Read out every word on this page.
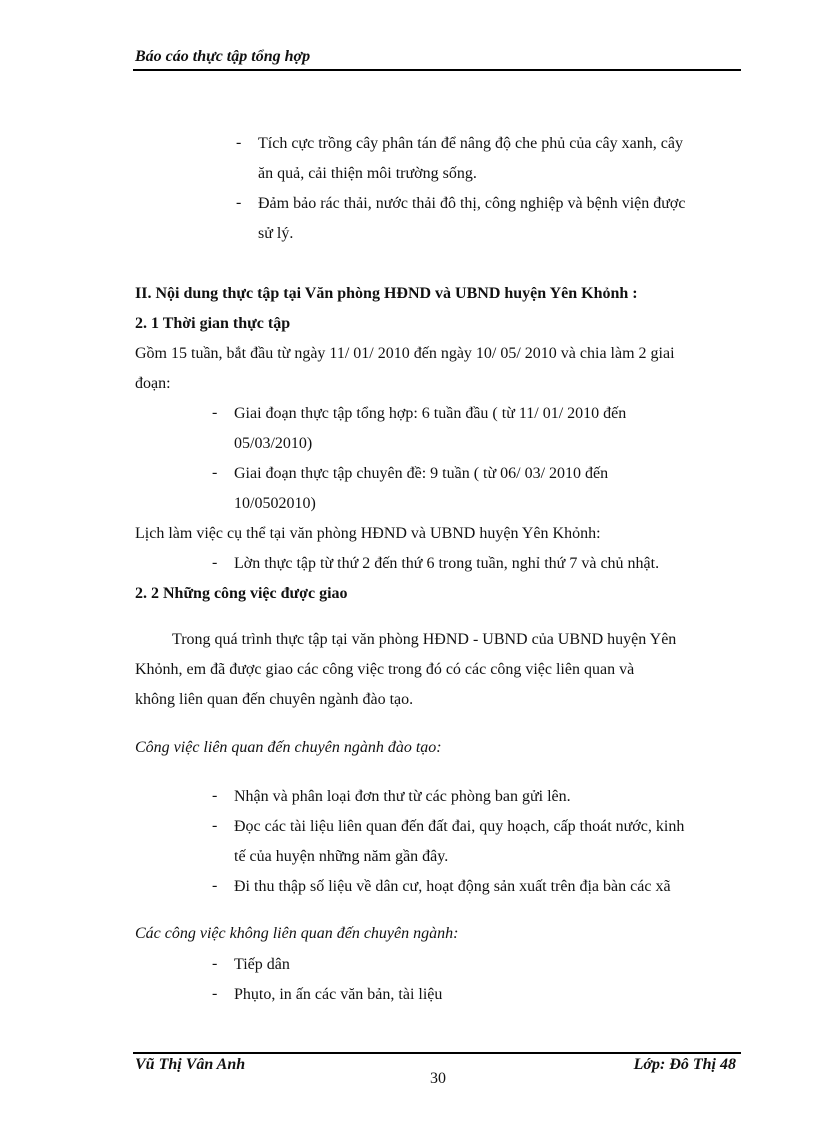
Báo cáo thực tập tổng hợp
- Tích cực trồng cây phân tán để nâng độ che phủ của cây xanh, cây
ăn quả, cải thiện môi trường sống.
- Đảm bảo rác thải, nước thải đô thị, công nghiệp và bệnh viện được
sử lý.
II. Nội dung thực tập tại Văn phòng HĐND và UBND huyện Yên Khỏnh :
2. 1 Thời gian thực tập
Gồm 15 tuần, bắt đầu từ ngày 11/ 01/ 2010 đến ngày 10/ 05/ 2010 và chia làm 2 giai
đoạn:
- Giai đoạn thực tập tổng hợp: 6 tuần đầu ( từ 11/ 01/ 2010 đến
05/03/2010)
- Giai đoạn thực tập chuyên đề: 9 tuần ( từ 06/ 03/ 2010 đến
10/0502010)
Lịch làm việc cụ thể tại văn phòng HĐND và UBND huyện Yên Khỏnh:
- Lờn thực tập từ thứ 2 đến thứ 6 trong tuần, nghỉ thứ 7 và chủ nhật.
2. 2 Những công việc được giao
Trong quá trình thực tập tại văn phòng HĐND - UBND của UBND huyện Yên
Khỏnh, em đã được giao các công việc trong đó có các công việc liên quan và
không liên quan đến chuyên ngành đào tạo.
Công việc liên quan đến chuyên ngành đào tạo:
- Nhận và phân loại đơn thư từ các phòng ban gửi lên.
- Đọc các tài liệu liên quan đến đất đai, quy hoạch, cấp thoát nước, kinh
tế của huyện những năm gần đây.
- Đi thu thập số liệu về dân cư, hoạt động sản xuất trên địa bàn các xã
Các công việc không liên quan đến chuyên ngành:
- Tiếp dân
- Phụto, in ấn các văn bản, tài liệu
Vũ Thị Vân Anh	Lớp: Đô Thị 48
30
